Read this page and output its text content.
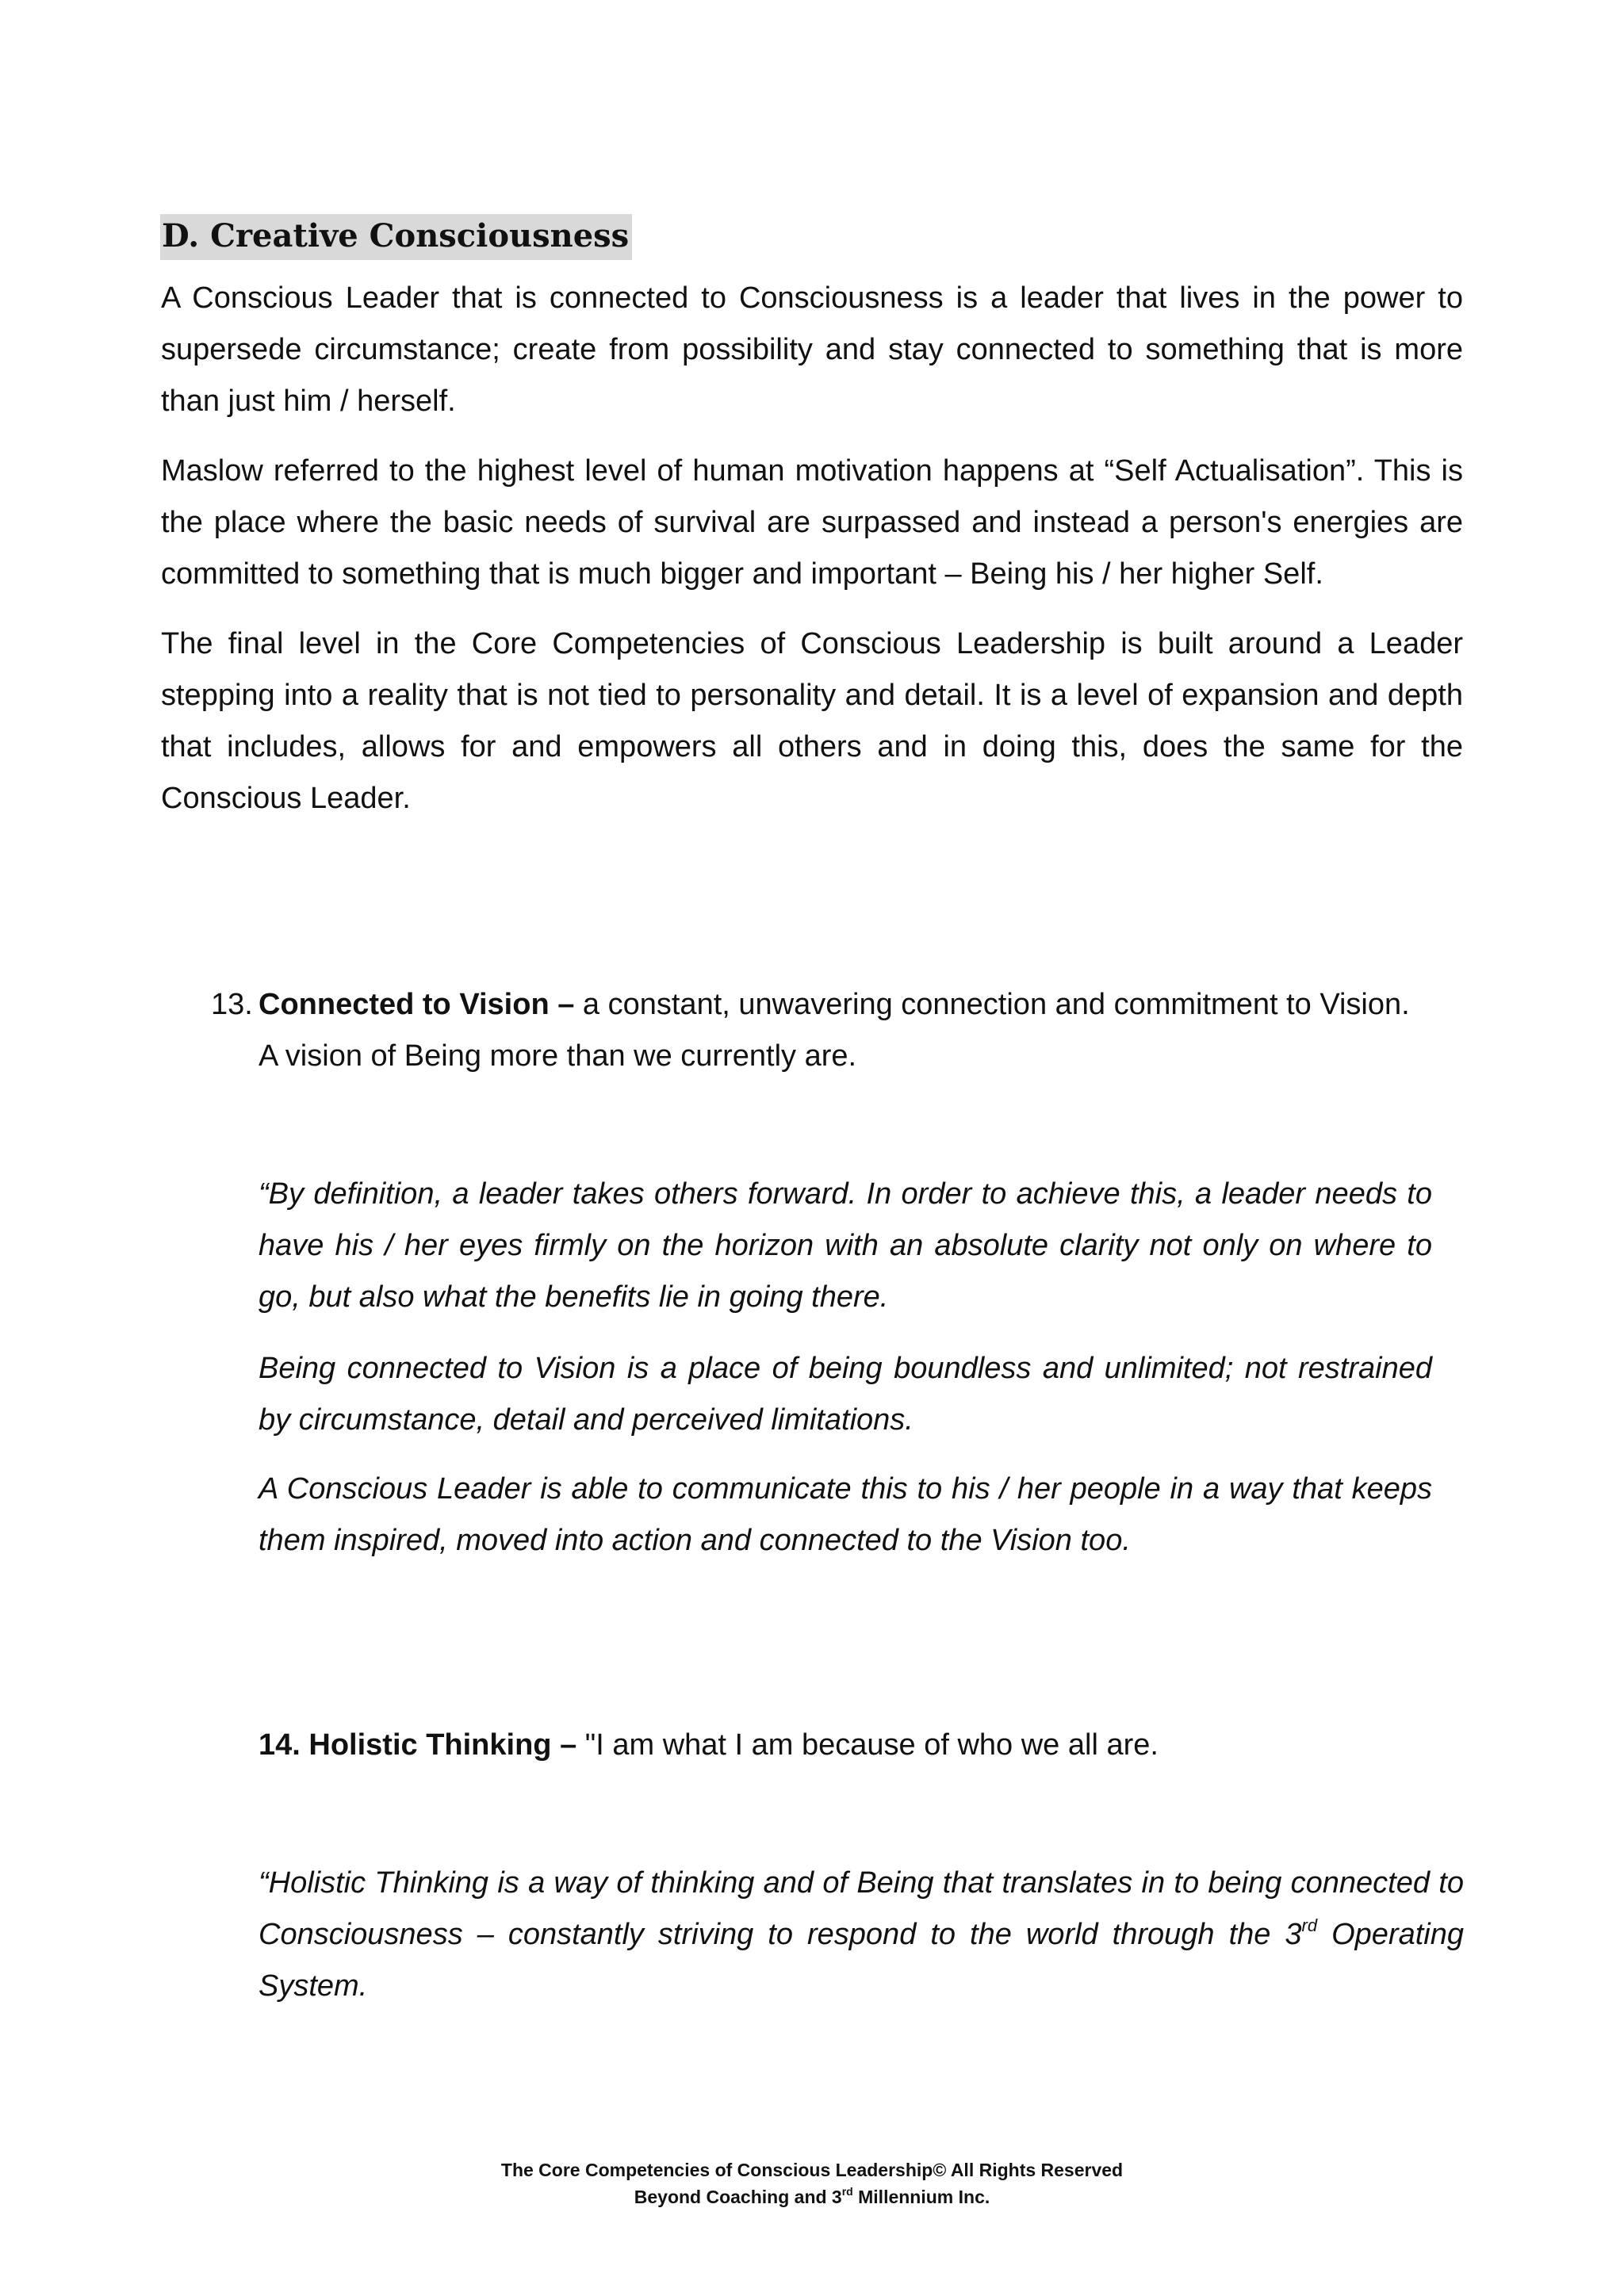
D. Creative Consciousness

A Conscious Leader that is connected to Consciousness is a leader that lives in the power to supersede circumstance; create from possibility and stay connected to something that is more than just him / herself.

Maslow referred to the highest level of human motivation happens at “Self Actualisation”. This is the place where the basic needs of survival are surpassed and instead a person's energies are committed to something that is much bigger and important – Being his / her higher Self.

The final level in the Core Competencies of Conscious Leadership is built around a Leader stepping into a reality that is not tied to personality and detail. It is a level of expansion and depth that includes, allows for and empowers all others and in doing this, does the same for the Conscious Leader.

13. Connected to Vision – a constant, unwavering connection and commitment to Vision.
A vision of Being more than we currently are.

“By definition, a leader takes others forward. In order to achieve this, a leader needs to have his / her eyes firmly on the horizon with an absolute clarity not only on where to go, but also what the benefits lie in going there.

Being connected to Vision is a place of being boundless and unlimited; not restrained by circumstance, detail and perceived limitations.

A Conscious Leader is able to communicate this to his / her people in a way that keeps them inspired, moved into action and connected to the Vision too.

14. Holistic Thinking – "I am what I am because of who we all are.

“Holistic Thinking is a way of thinking and of Being that translates in to being connected to Consciousness – constantly striving to respond to the world through the 3rd Operating System.

The Core Competencies of Conscious Leadership© All Rights Reserved
Beyond Coaching and 3rd Millennium Inc.
